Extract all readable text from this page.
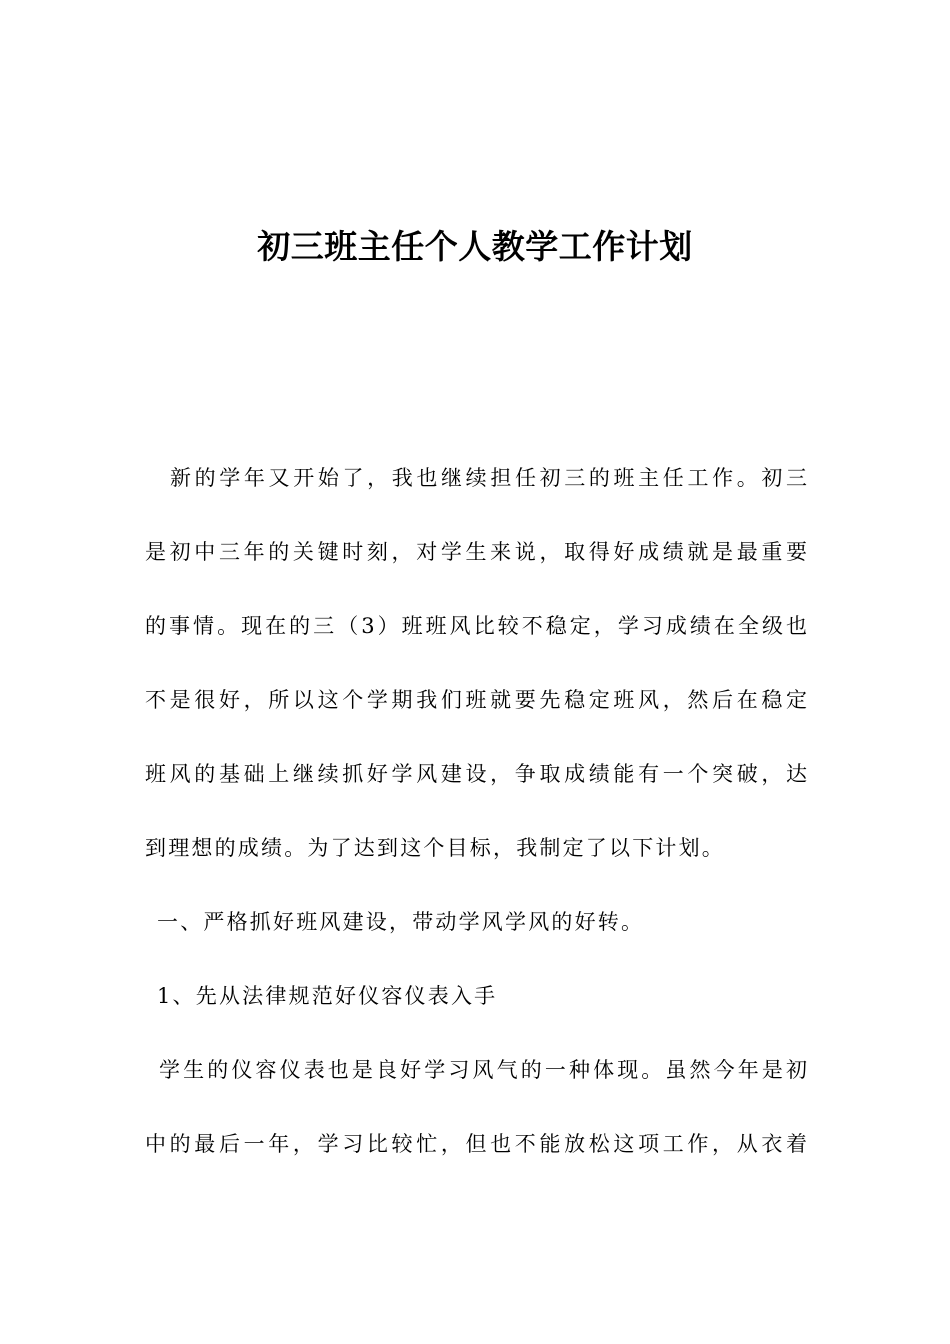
初三班主任个人教学工作计划
新的学年又开始了，我也继续担任初三的班主任工作。初三
是初中三年的关键时刻，对学生来说，取得好成绩就是最重要
的事情。现在的三（3）班班风比较不稳定，学习成绩在全级也
不是很好，所以这个学期我们班就要先稳定班风，然后在稳定
班风的基础上继续抓好学风建设，争取成绩能有一个突破，达
到理想的成绩。为了达到这个目标，我制定了以下计划。
一、严格抓好班风建设，带动学风学风的好转。
1、先从法律规范好仪容仪表入手
学生的仪容仪表也是良好学习风气的一种体现。虽然今年是初
中的最后一年，学习比较忙，但也不能放松这项工作，从衣着
